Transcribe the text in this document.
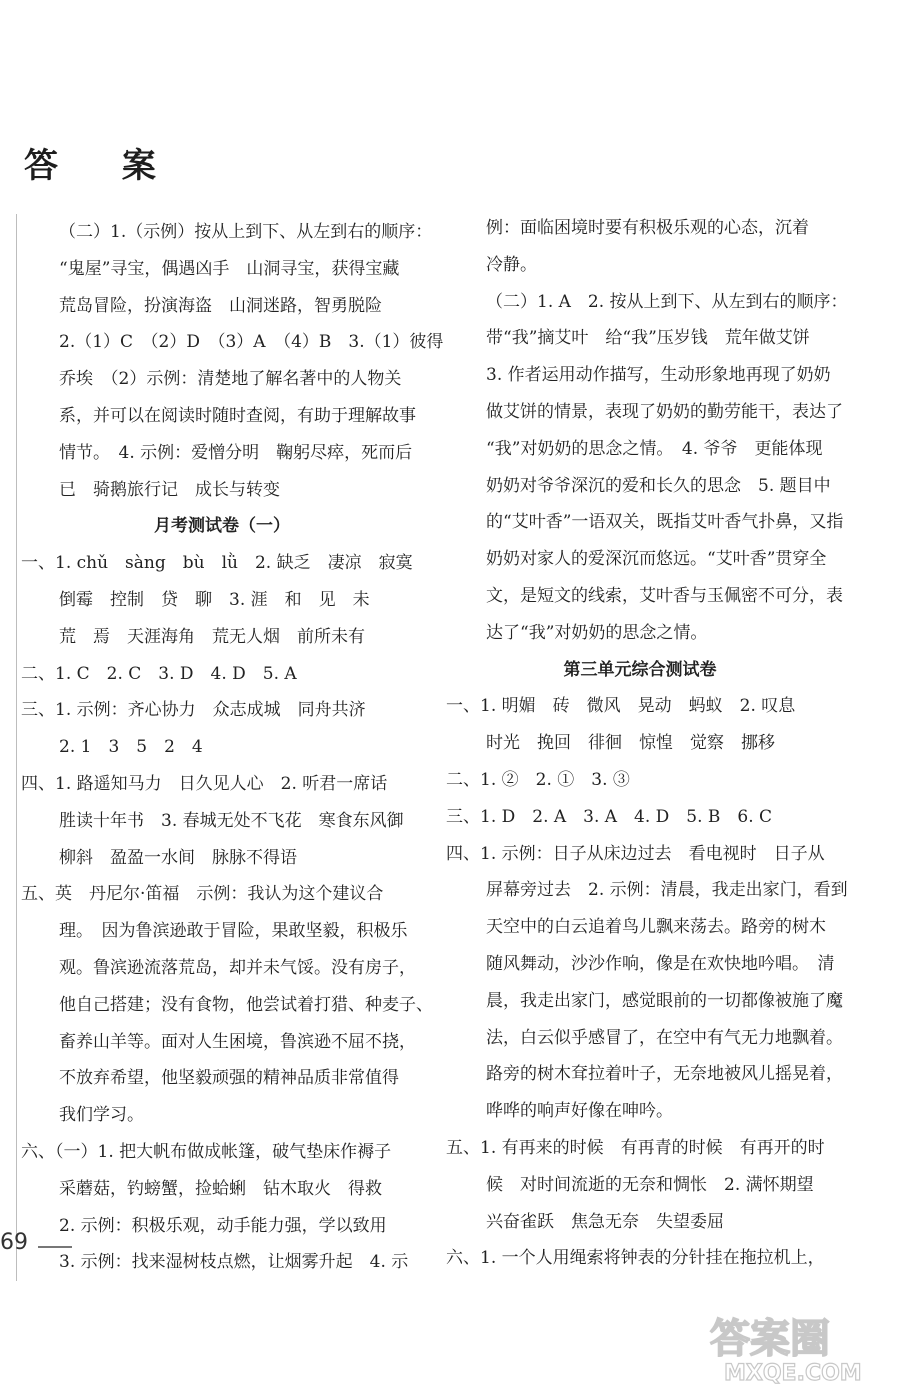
答 案
（二）1.（示例）按从上到下、从左到右的顺序：
“鬼屋”寻宝，偶遇凶手　山洞寻宝，获得宝藏
荒岛冒险，扮演海盗　山洞迷路，智勇脱险
2.（1）C　（2）D　（3）A　（4）B　3.（1）彼得
乔埃　（2）示例：清楚地了解名著中的人物关
系，并可以在阅读时随时查阅，有助于理解故事
情节。　4. 示例：爱憎分明　鞠躬尽瘁，死而后
已　骑鹅旅行记　成长与转变
月考测试卷（一）
一、1. chǔ　sàng　bù　lǜ　2. 缺乏　凄凉　寂寞
倒霉　控制　贷　聊　3. 涯　和　见　未
荒　焉　天涯海角　荒无人烟　前所未有
二、1. C　2. C　3. D　4. D　5. A
三、1. 示例：齐心协力　众志成城　同舟共济
2. 1　3　5　2　4
四、1. 路遥知马力　日久见人心　2. 听君一席话
胜读十年书　3. 春城无处不飞花　寒食东风御
柳斜　盈盈一水间　脉脉不得语
五、英　丹尼尔·笛福　示例：我认为这个建议合
理。　因为鲁滨逊敢于冒险，果敢坚毅，积极乐
观。鲁滨逊流落荒岛，却并未气馁。没有房子，
他自己搭建；没有食物，他尝试着打猎、种麦子、
畜养山羊等。面对人生困境，鲁滨逊不屈不挠，
不放弃希望，他坚毅顽强的精神品质非常值得
我们学习。
六、（一）1. 把大帆布做成帐篷，破气垫床作褥子
采蘑菇，钓螃蟹，捡蛤蜊　钻木取火　得救
2. 示例：积极乐观，动手能力强，学以致用
3. 示例：找来湿树枝点燃，让烟雾升起　4. 示
例：面临困境时要有积极乐观的心态，沉着
冷静。
（二）1. A　2. 按从上到下、从左到右的顺序：
带“我”摘艾叶　给“我”压岁钱　荒年做艾饼
3. 作者运用动作描写，生动形象地再现了奶奶
做艾饼的情景，表现了奶奶的勤劳能干，表达了
“我”对奶奶的思念之情。　4. 爷爷　更能体现
奶奶对爷爷深沉的爱和长久的思念　5. 题目中
的“艾叶香”一语双关，既指艾叶香气扑鼻，又指
奶奶对家人的爱深沉而悠远。“艾叶香”贯穿全
文，是短文的线索，艾叶香与玉佩密不可分，表
达了“我”对奶奶的思念之情。
第三单元综合测试卷
一、1. 明媚　砖　微风　晃动　蚂蚁　2. 叹息
时光　挽回　徘徊　惊惶　觉察　挪移
二、1. ②　2. ①　3. ③
三、1. D　2. A　3. A　4. D　5. B　6. C
四、1. 示例：日子从床边过去　看电视时　日子从
屏幕旁过去　2. 示例：清晨，我走出家门，看到
天空中的白云追着鸟儿飘来荡去。路旁的树木
随风舞动，沙沙作响，像是在欢快地吟唱。　清
晨，我走出家门，感觉眼前的一切都像被施了魔
法，白云似乎感冒了，在空中有气无力地飘着。
路旁的树木耷拉着叶子，无奈地被风儿摇晃着，
哗哗的响声好像在呻吟。
五、1. 有再来的时候　有再青的时候　有再开的时
候　对时间流逝的无奈和惆怅　2. 满怀期望
兴奋雀跃　焦急无奈　失望委屈
六、1. 一个人用绳索将钟表的分针挂在拖拉机上，
69
答案圈
MXQE.COM
